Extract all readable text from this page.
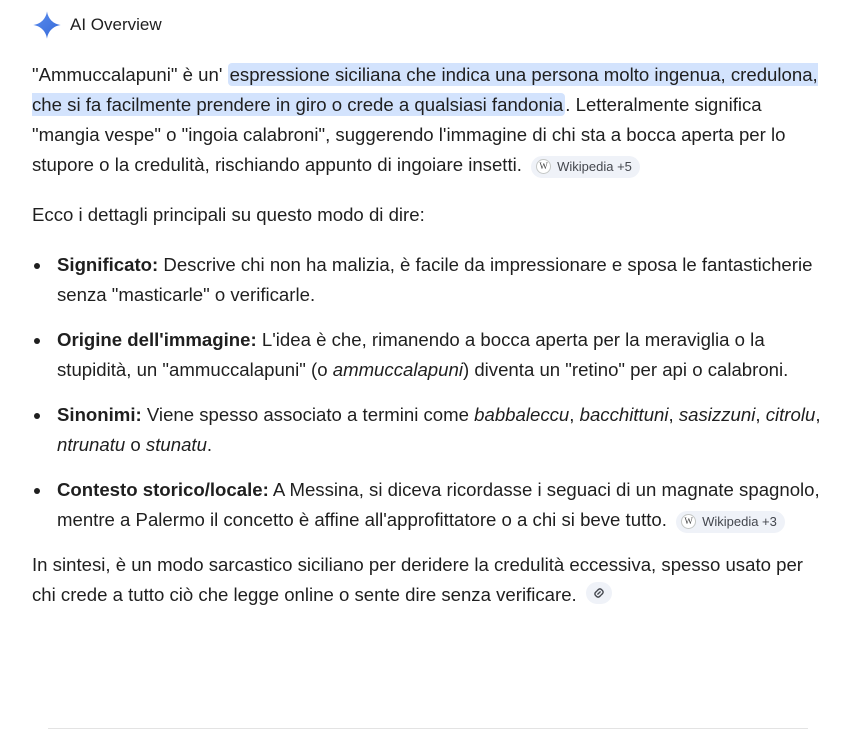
AI Overview

"Ammuccalapuni" è un' espressione siciliana che indica una persona molto ingenua, credulona, che si fa facilmente prendere in giro o crede a qualsiasi fandonia . Letteralmente significa "mangia vespe" o "ingoia calabroni", suggerendo l'immagine di chi sta a bocca aperta per lo stupore o la credulità, rischiando appunto di ingoiare insetti.	W Wikipedia +5

Ecco i dettagli principali su questo modo di dire:

Significato: Descrive chi non ha malizia, è facile da impressionare e sposa le fantasticherie senza "masticarle" o verificarle.
Origine dell'immagine: L'idea è che, rimanendo a bocca aperta per la meraviglia o la stupidità, un "ammuccalapuni" (o ammuccalapuni) diventa un "retino" per api o calabroni.
Sinonimi: Viene spesso associato a termini come babbaleccu, bacchittuni, sasizzuni, citrolu, ntrunatu o stunatu.
Contesto storico/locale: A Messina, si diceva ricordasse i seguaci di un magnate spagnolo, mentre a Palermo il concetto è affine all'approfittatore o a chi si beve tutto.	W Wikipedia +3

In sintesi, è un modo sarcastico siciliano per deridere la credulità eccessiva, spesso usato per chi crede a tutto ciò che legge online o sente dire senza verificare.
